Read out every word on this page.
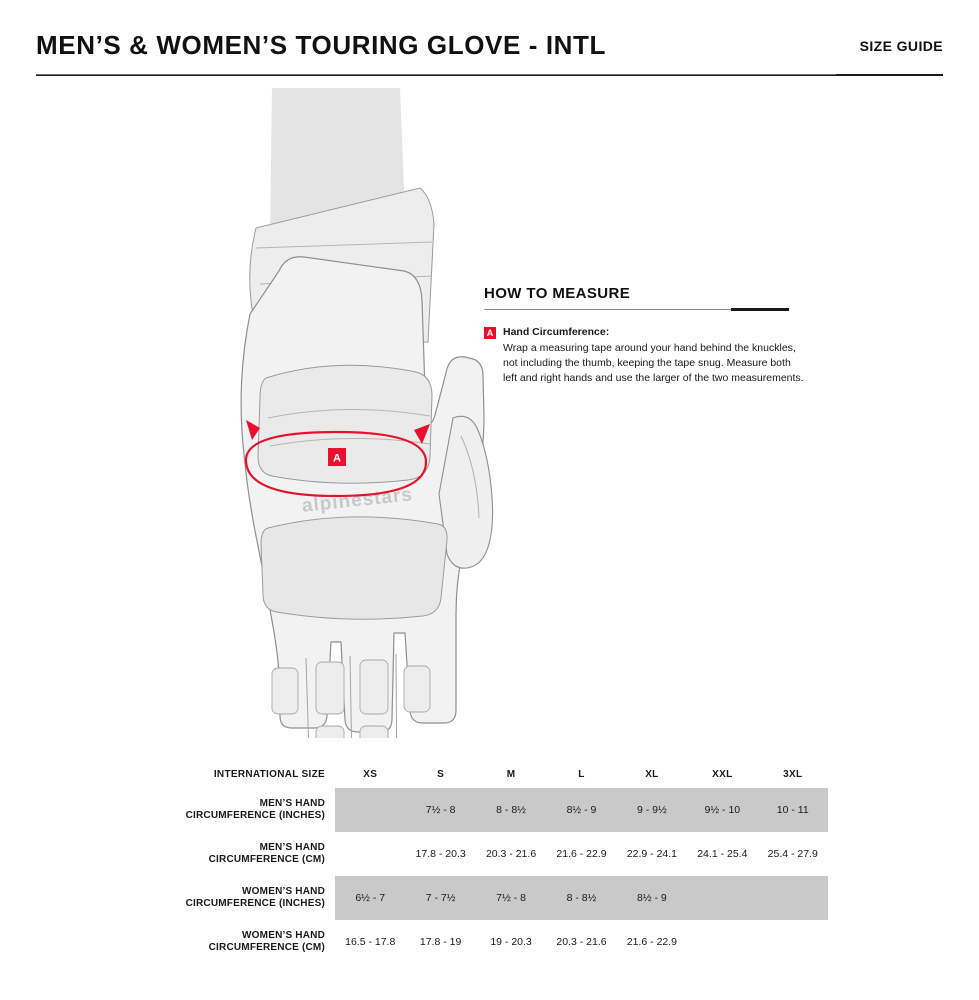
MEN’S & WOMEN’S TOURING GLOVE - INTL	SIZE GUIDE
alpinestars
A
HOW TO MEASURE
A Hand Circumference:
Wrap a measuring tape around your hand behind the knuckles, not including the thumb, keeping the tape snug. Measure both left and right hands and use the larger of the two measurements.
INTERNATIONAL SIZE	XS	S	M	L	XL	XXL	3XL

MEN’S HAND
CIRCUMFERENCE (INCHES)		7½ - 8	8 - 8½	8½ - 9	9 - 9½	9½ - 10	10 - 11

MEN’S HAND
CIRCUMFERENCE (CM)		17.8 - 20.3	20.3 - 21.6	21.6 - 22.9	22.9 - 24.1	24.1 - 25.4	25.4 - 27.9

WOMEN’S HAND
CIRCUMFERENCE (INCHES)	6½ - 7	7 - 7½	7½ - 8	8 - 8½	8½ - 9		

WOMEN’S HAND
CIRCUMFERENCE (CM)	16.5 - 17.8	17.8 - 19	19 - 20.3	20.3 - 21.6	21.6 - 22.9		
